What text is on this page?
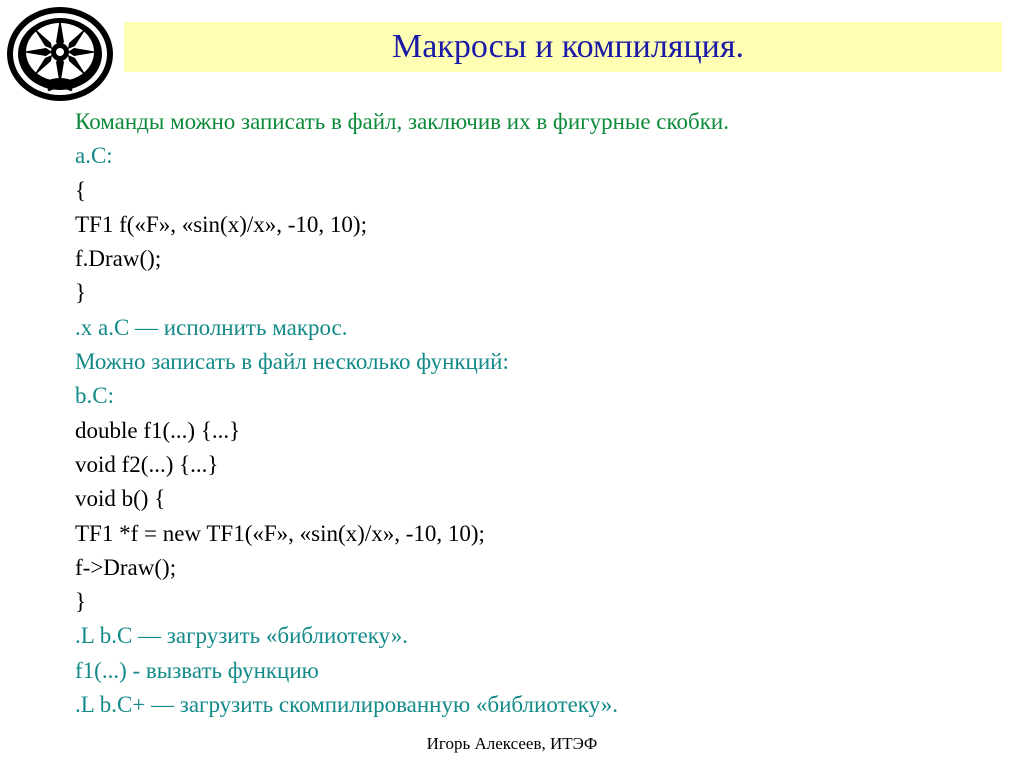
Макросы и компиляция.
Команды можно записать в файл, заключив их в фигурные скобки.
a.C:
{
TF1 f(«F», «sin(x)/x», -10, 10);
f.Draw();
}
.x a.C — исполнить макрос.
Можно записать в файл несколько функций:
b.C:
double f1(...) {...}
void f2(...) {...}
void b() {
TF1 *f = new TF1(«F», «sin(x)/x», -10, 10);
f->Draw();
}
.L b.C — загрузить «библиотеку».
f1(...) - вызвать функцию
.L b.C+ — загрузить скомпилированную «библиотеку».
Игорь Алексеев, ИТЭФ
